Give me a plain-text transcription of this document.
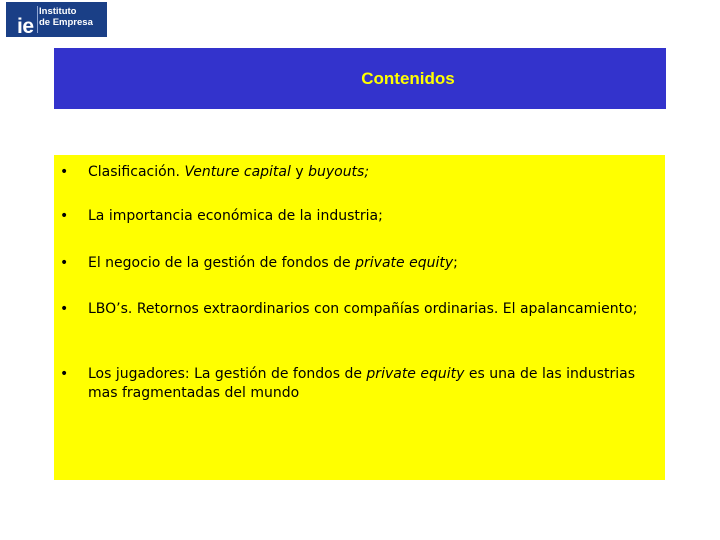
ie
Instituto
de Empresa
Contenidos
• Clasificación. Venture capital y buyouts;
• La importancia económica de la industria;
• El negocio de la gestión de fondos de private equity;
• LBO’s. Retornos extraordinarios con compañías ordinarias. El apalancamiento;
• Los jugadores: La gestión de fondos de private equity es una de las industrias mas fragmentadas del mundo
